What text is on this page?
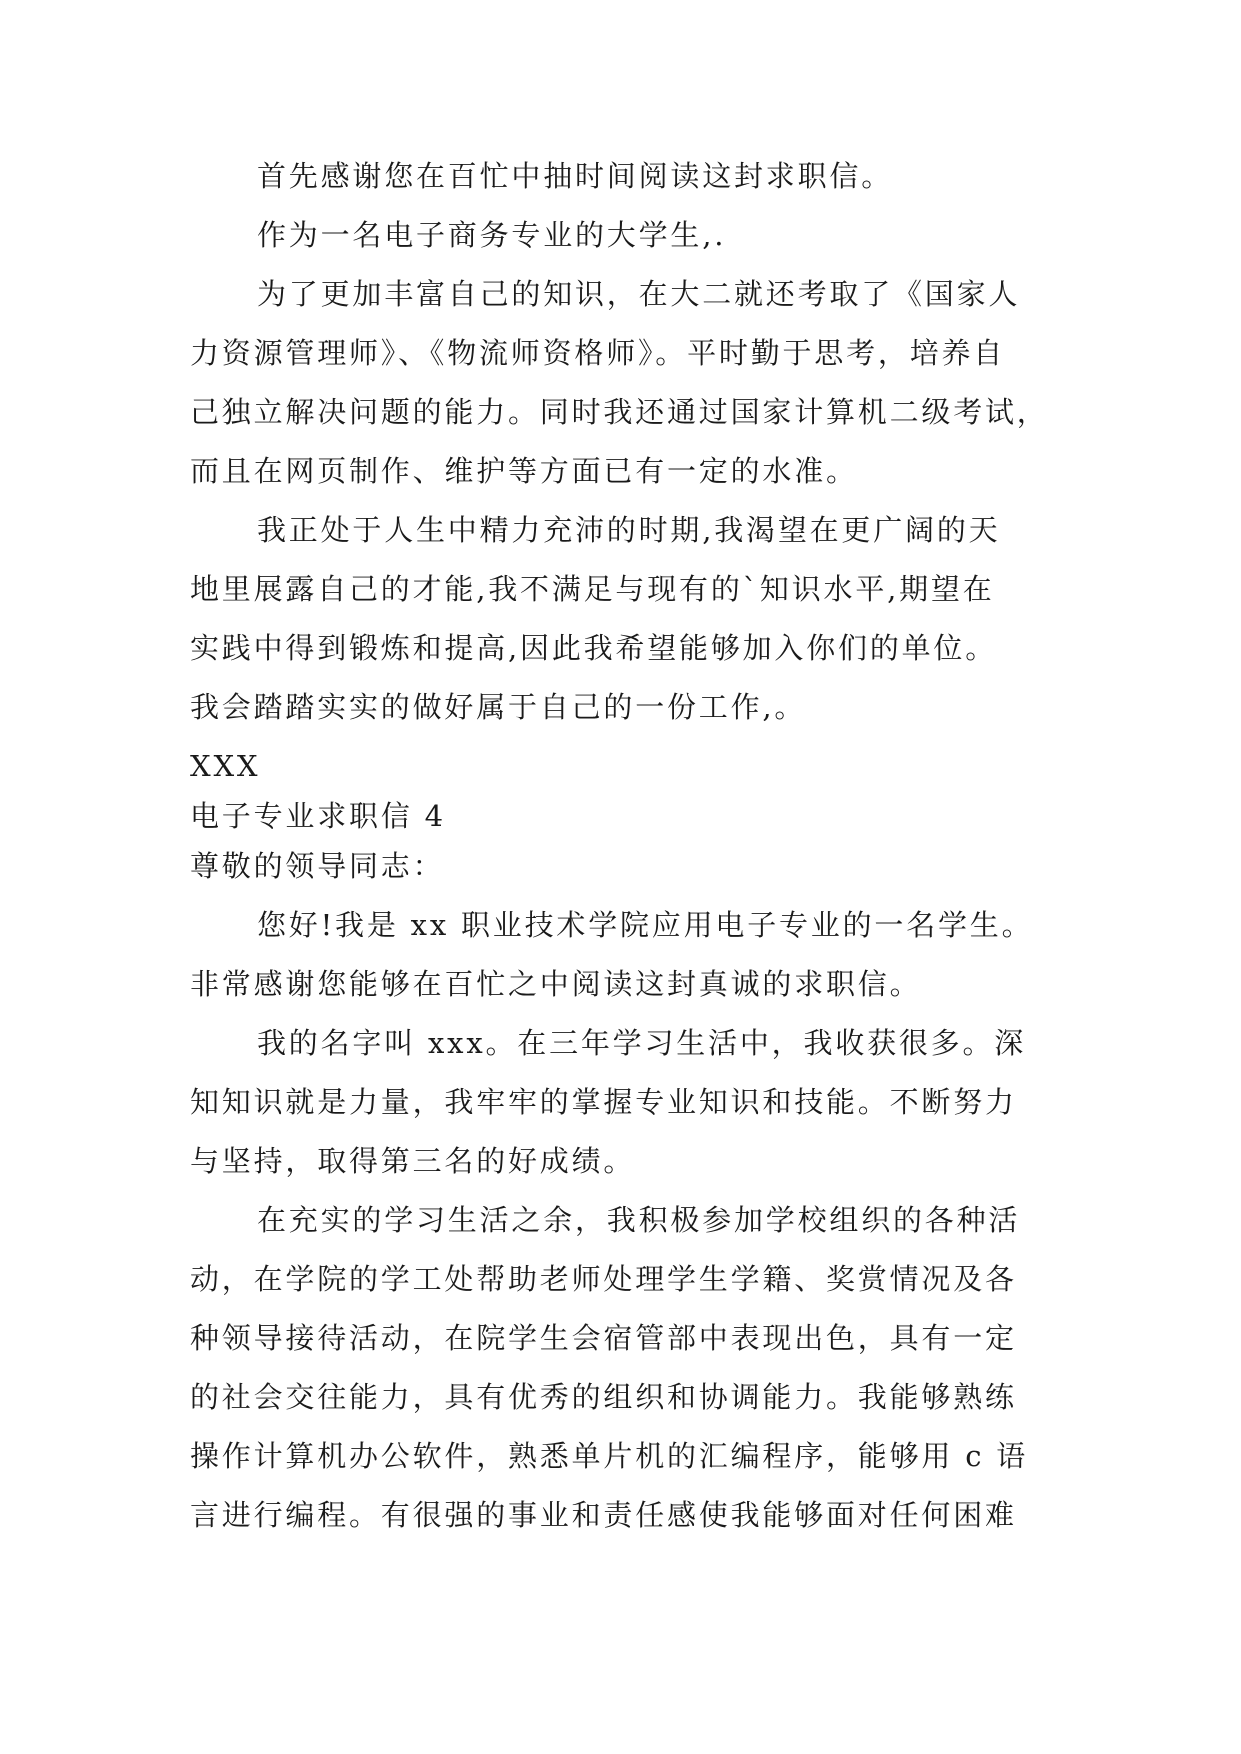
首先感谢您在百忙中抽时间阅读这封求职信。

作为一名电子商务专业的大学生,.

为了更加丰富自己的知识，在大二就还考取了《国家人

力资源管理师》、《物流师资格师》。平时勤于思考，培养自

己独立解决问题的能力。同时我还通过国家计算机二级考试，

而且在网页制作、维护等方面已有一定的水准。

我正处于人生中精力充沛的时期,我渴望在更广阔的天

地里展露自己的才能,我不满足与现有的`知识水平,期望在

实践中得到锻炼和提高,因此我希望能够加入你们的单位。

我会踏踏实实的做好属于自己的一份工作,。

XXX

电子专业求职信 4

尊敬的领导同志：

您好!我是 xx 职业技术学院应用电子专业的一名学生。

非常感谢您能够在百忙之中阅读这封真诚的求职信。

我的名字叫 xxx。在三年学习生活中，我收获很多。深

知知识就是力量，我牢牢的掌握专业知识和技能。不断努力

与坚持，取得第三名的好成绩。

在充实的学习生活之余，我积极参加学校组织的各种活

动，在学院的学工处帮助老师处理学生学籍、奖赏情况及各

种领导接待活动，在院学生会宿管部中表现出色，具有一定

的社会交往能力，具有优秀的组织和协调能力。我能够熟练

操作计算机办公软件，熟悉单片机的汇编程序，能够用 c 语

言进行编程。有很强的事业和责任感使我能够面对任何困难
